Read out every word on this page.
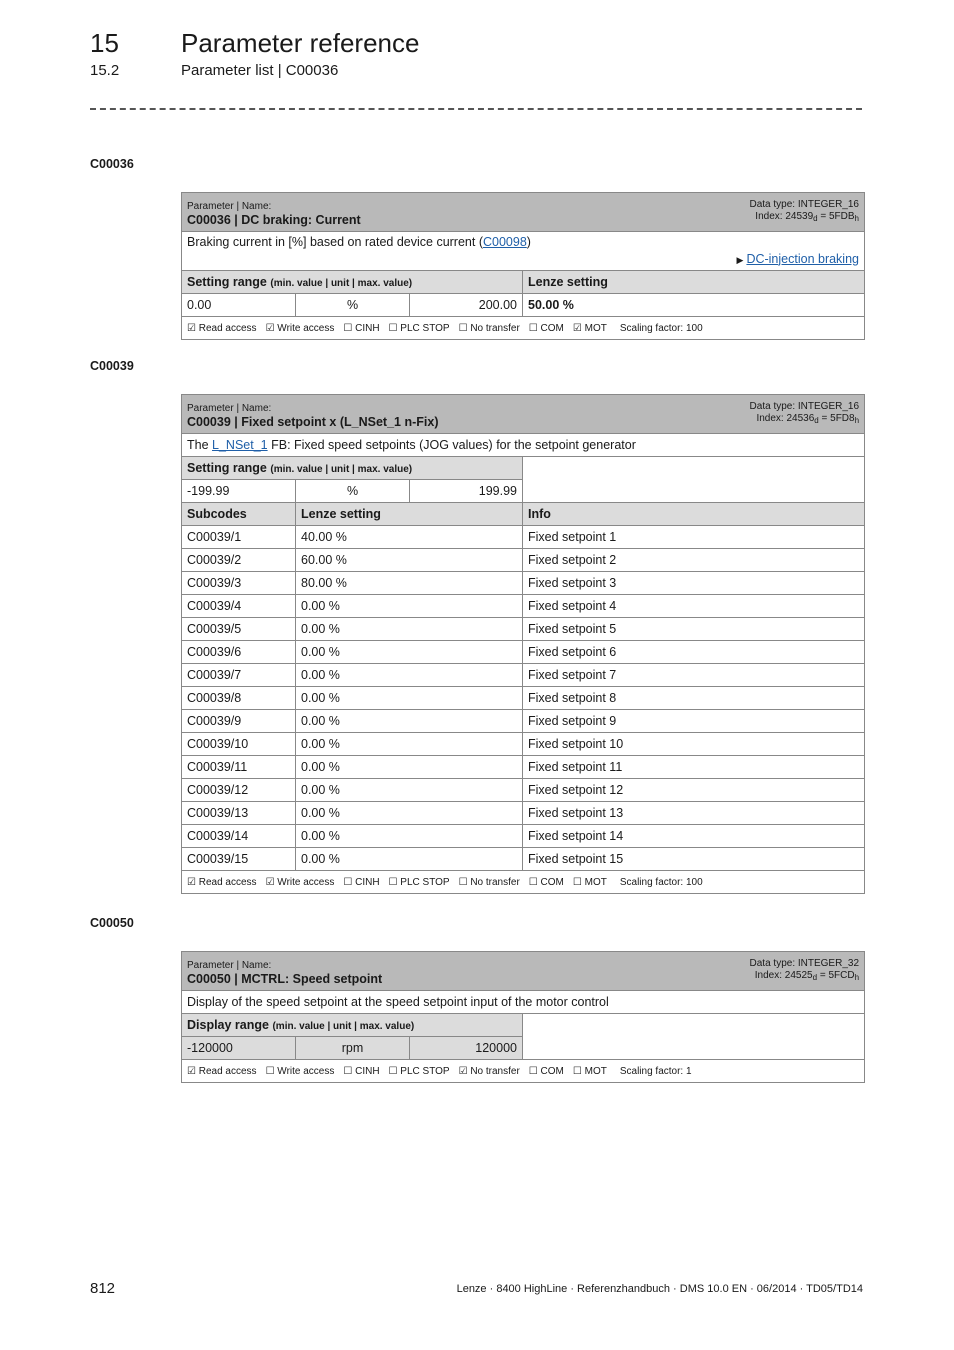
15 Parameter reference
15.2	Parameter list | C00036
C00036
Parameter | Name:
C00036 | DC braking: Current
Data type: INTEGER_16
Index: $24539_d = 5FDB_h$

Braking current in [%] based on rated device current (C00098)
▶ DC-injection braking			

Setting range (min. value | unit | max. value)			Lenze setting
0.00	%	200.00	50.00 %
☑ Read access ☑ Write access ☐ CINH ☐ PLC STOP ☐ No transfer ☐ COM ☑ MOT Scaling factor: 100			
C00039
Parameter | Name:
C00039 | Fixed setpoint x (L_NSet_1 n-Fix)
Data type: INTEGER_16
Index: $24536_d = 5FD8_h$

The L_NSet_1 FB: Fixed speed setpoints (JOG values) for the setpoint generator			
Setting range (min. value | unit | max. value)			
-199.99	%	199.99	
Subcodes	Lenze setting		Info
C00039/1	40.00 %		Fixed setpoint 1
C00039/2	60.00 %		Fixed setpoint 2
C00039/3	80.00 %		Fixed setpoint 3
C00039/4	0.00 %		Fixed setpoint 4
C00039/5	0.00 %		Fixed setpoint 5
C00039/6	0.00 %		Fixed setpoint 6
C00039/7	0.00 %		Fixed setpoint 7
C00039/8	0.00 %		Fixed setpoint 8
C00039/9	0.00 %		Fixed setpoint 9
C00039/10	0.00 %		Fixed setpoint 10
C00039/11	0.00 %		Fixed setpoint 11
C00039/12	0.00 %		Fixed setpoint 12
C00039/13	0.00 %		Fixed setpoint 13
C00039/14	0.00 %		Fixed setpoint 14
C00039/15	0.00 %		Fixed setpoint 15
☑ Read access ☑ Write access ☐ CINH ☐ PLC STOP ☐ No transfer ☐ COM ☐ MOT Scaling factor: 100			
C00050
Parameter | Name:
C00050 | MCTRL: Speed setpoint
Data type: INTEGER_32
Index: $24525_d = 5FCD_h$

Display of the speed setpoint at the speed setpoint input of the motor control			
Display range (min. value | unit | max. value)			
-120000	rpm	120000	
☑ Read access ☐ Write access ☐ CINH ☐ PLC STOP ☑ No transfer ☐ COM ☐ MOT Scaling factor: 1			
812	Lenze · 8400 HighLine · Referenzhandbuch · DMS 10.0 EN · 06/2014 · TD05/TD14
